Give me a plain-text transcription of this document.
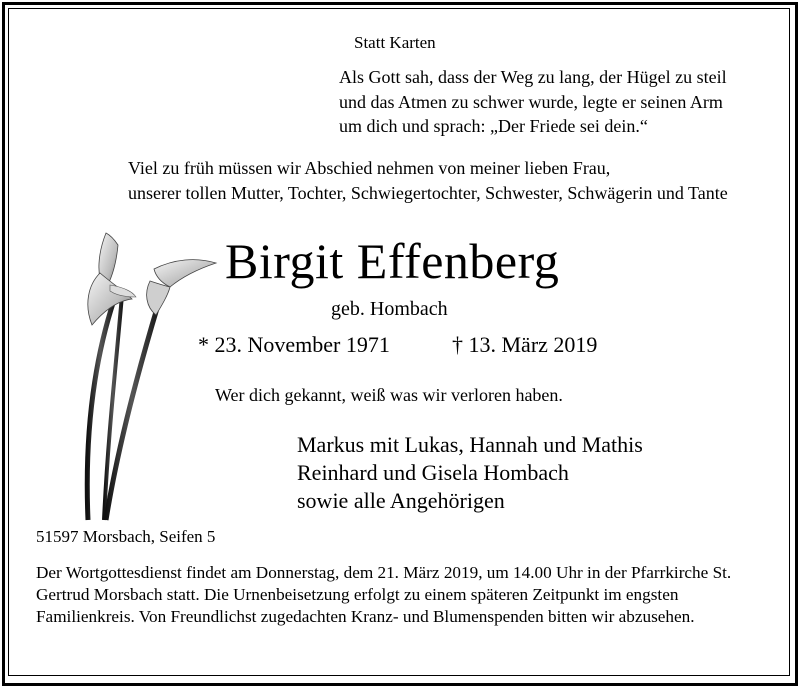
Statt Karten
Als Gott sah, dass der Weg zu lang, der Hügel zu steil
und das Atmen zu schwer wurde, legte er seinen Arm
um dich und sprach: „Der Friede sei dein.“
Viel zu früh müssen wir Abschied nehmen von meiner lieben Frau,
unserer tollen Mutter, Tochter, Schwiegertochter, Schwester, Schwägerin und Tante
Birgit Effenberg
geb. Hombach
* 23. November 1971	† 13. März 2019
Wer dich gekannt, weiß was wir verloren haben.
Markus mit Lukas, Hannah und Mathis
Reinhard und Gisela Hombach
sowie alle Angehörigen
51597 Morsbach, Seifen 5
Der Wortgottesdienst findet am Donnerstag, dem 21. März 2019, um 14.00 Uhr in der Pfarrkirche St. Gertrud Morsbach statt. Die Urnenbeisetzung erfolgt zu einem späteren Zeitpunkt im engsten Familienkreis. Von Freundlichst zugedachten Kranz- und Blumenspenden bitten wir abzusehen.
